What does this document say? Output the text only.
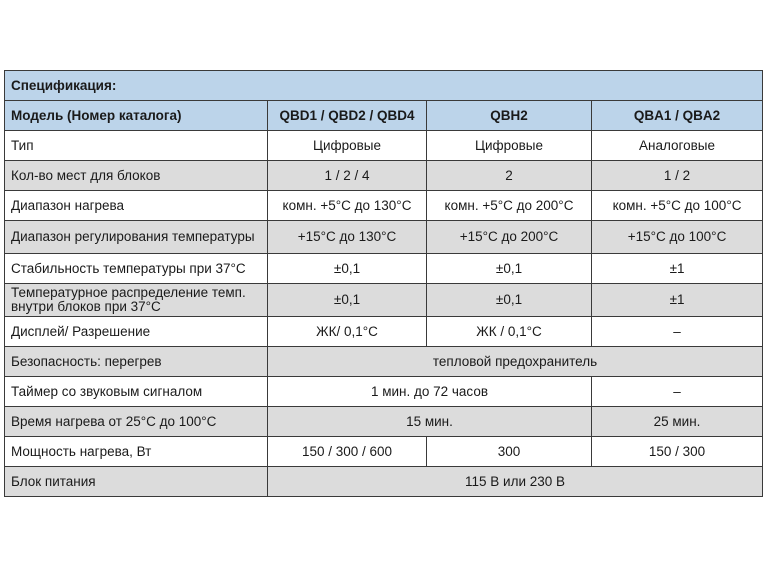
Спецификация:			
Модель (Номер каталога)	QBD1 / QBD2 / QBD4	QBH2	QBA1 / QBA2
Тип	Цифровые	Цифровые	Аналоговые
Кол-во мест для блоков	1 / 2 / 4	2	1 / 2
Диапазон нагрева	комн. +5°С до 130°С	комн. +5°С до 200°С	комн. +5°С до 100°С
Диапазон регулирования температуры	+15°С до 130°С	+15°С до 200°С	+15°С до 100°С
Стабильность температуры при 37°С	±0,1	±0,1	±1
Температурное распределение темп. внутри блоков при 37°С	±0,1	±0,1	±1
Дисплей/ Разрешение	ЖК/ 0,1°С	ЖК / 0,1°С	–
Безопасность: перегрев	тепловой предохранитель		
Таймер со звуковым сигналом	1 мин. до 72 часов		–
Время нагрева от 25°С до 100°С	15 мин.		25 мин.
Мощность нагрева, Вт	150 / 300 / 600	300	150 / 300
Блок питания	115 В или 230 В		
